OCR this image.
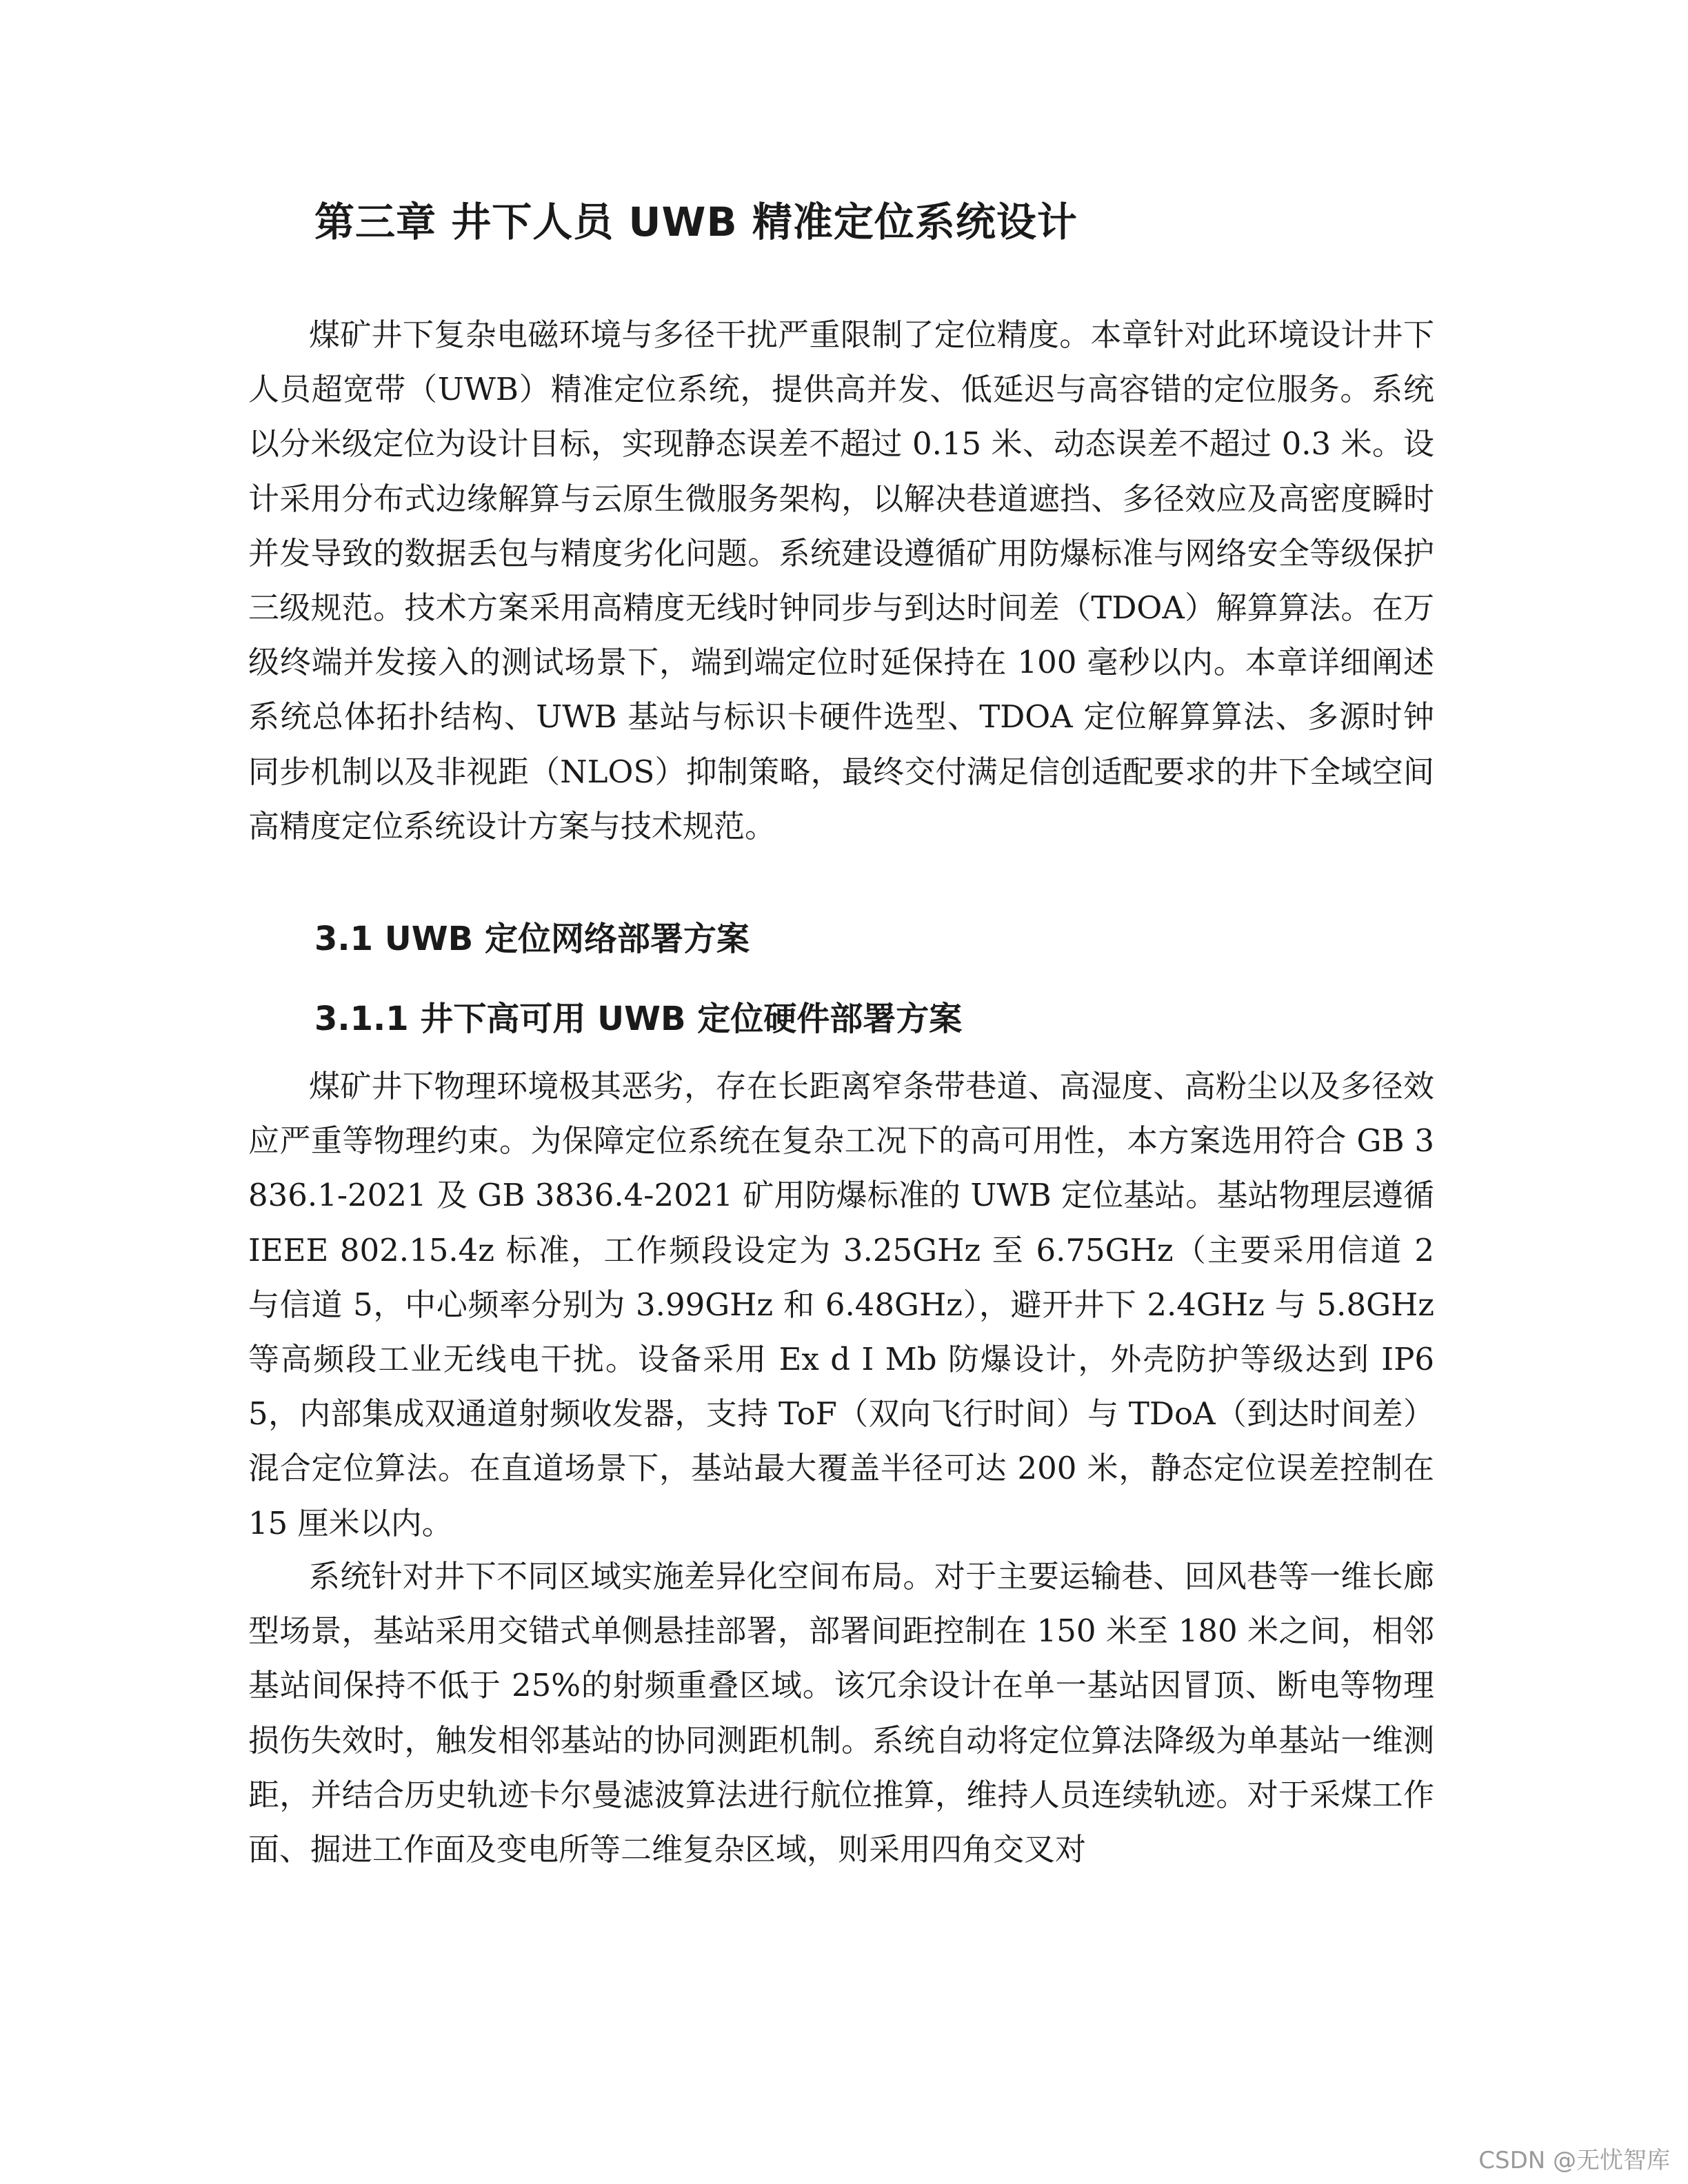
第三章 井下人员 UWB 精准定位系统设计

煤矿井下复杂电磁环境与多径干扰严重限制了定位精度。本章针对此环境设计井下人员超宽带（UWB）精准定位系统，提供高并发、低延迟与高容错的定位服务。系统以分米级定位为设计目标，实现静态误差不超过 0.15 米、动态误差不超过 0.3 米。设计采用分布式边缘解算与云原生微服务架构，以解决巷道遮挡、多径效应及高密度瞬时并发导致的数据丢包与精度劣化问题。系统建设遵循矿用防爆标准与网络安全等级保护三级规范。技术方案采用高精度无线时钟同步与到达时间差（TDOA）解算算法。在万级终端并发接入的测试场景下，端到端定位时延保持在 100 毫秒以内。本章详细阐述系统总体拓扑结构、UWB 基站与标识卡硬件选型、TDOA 定位解算算法、多源时钟同步机制以及非视距（NLOS）抑制策略，最终交付满足信创适配要求的井下全域空间高精度定位系统设计方案与技术规范。

3.1 UWB 定位网络部署方案
3.1.1 井下高可用 UWB 定位硬件部署方案

煤矿井下物理环境极其恶劣，存在长距离窄条带巷道、高湿度、高粉尘以及多径效应严重等物理约束。为保障定位系统在复杂工况下的高可用性，本方案选用符合 GB 3836.1-2021 及 GB 3836.4-2021 矿用防爆标准的 UWB 定位基站。基站物理层遵循 IEEE 802.15.4z 标准，工作频段设定为 3.25GHz 至 6.75GHz（主要采用信道 2 与信道 5，中心频率分别为 3.99GHz 和 6.48GHz），避开井下 2.4GHz 与 5.8GHz 等高频段工业无线电干扰。设备采用 Ex d I Mb 防爆设计，外壳防护等级达到 IP65，内部集成双通道射频收发器，支持 ToF（双向飞行时间）与 TDoA（到达时间差）混合定位算法。在直道场景下，基站最大覆盖半径可达 200 米，静态定位误差控制在 15 厘米以内。

系统针对井下不同区域实施差异化空间布局。对于主要运输巷、回风巷等一维长廊型场景，基站采用交错式单侧悬挂部署，部署间距控制在 150 米至 180 米之间，相邻基站间保持不低于 25%的射频重叠区域。该冗余设计在单一基站因冒顶、断电等物理损伤失效时，触发相邻基站的协同测距机制。系统自动将定位算法降级为单基站一维测距，并结合历史轨迹卡尔曼滤波算法进行航位推算，维持人员连续轨迹。对于采煤工作面、掘进工作面及变电所等二维复杂区域，则采用四角交叉对

CSDN @无忧智库
